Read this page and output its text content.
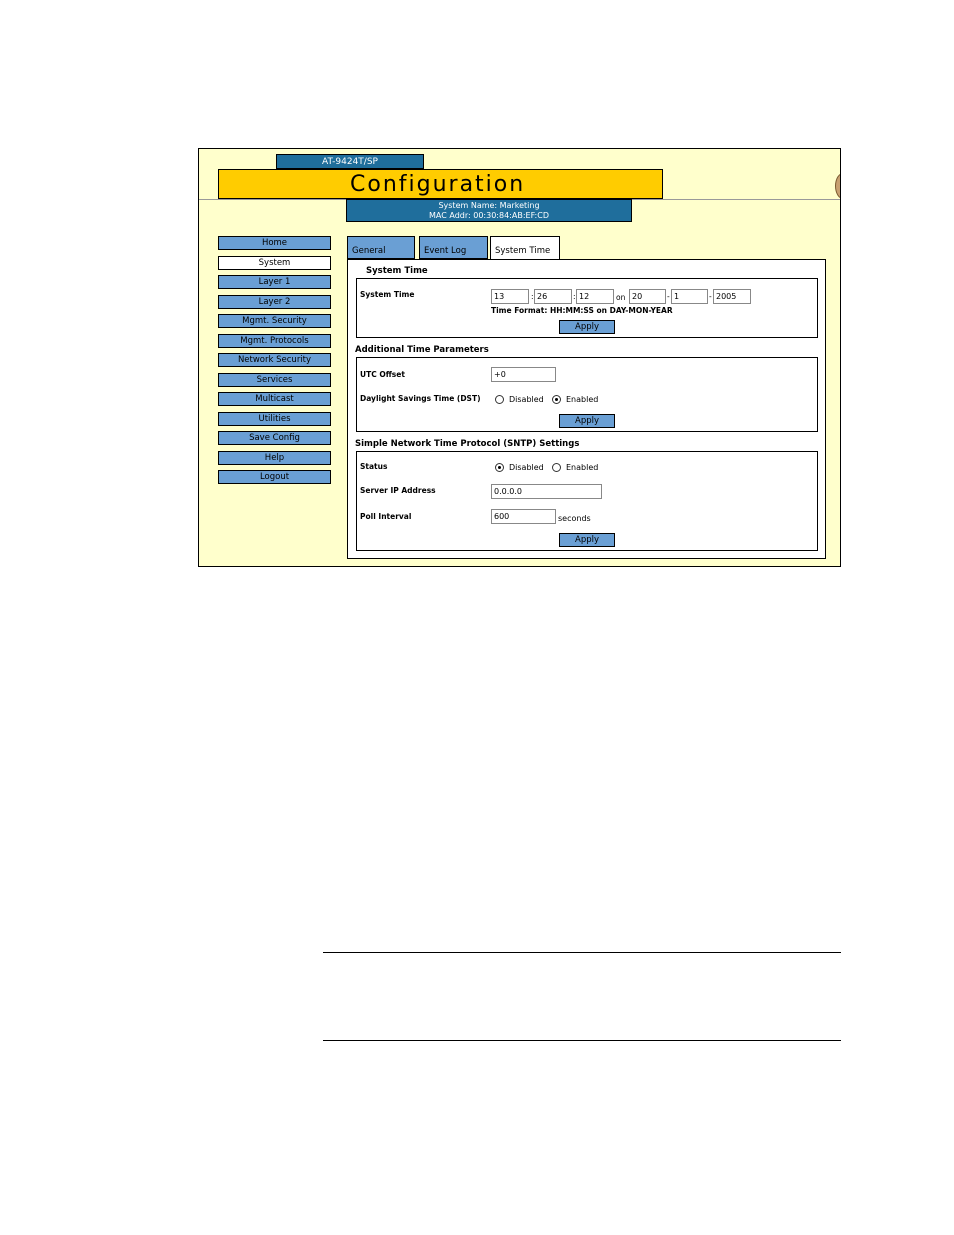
AT-9424T/SP
Configuration
System Name: Marketing
MAC Addr: 00:30:84:AB:EF:CD
Home
System
Layer 1
Layer 2
Mgmt. Security
Mgmt. Protocols
Network Security
Services
Multicast
Utilities
Save Config
Help
Logout
General	Event Log	System Time
System Time
System Time	13	: 26	: 12	on 20	- 1	- 2005
Time Format: HH:MM:SS on DAY-MON-YEAR
Apply
Additional Time Parameters
UTC Offset	+0
Daylight Savings Time (DST)	Disabled	Enabled
Apply
Simple Network Time Protocol (SNTP) Settings
Status	Disabled	Enabled
Server IP Address	0.0.0.0
Poll Interval	600	seconds
Apply
